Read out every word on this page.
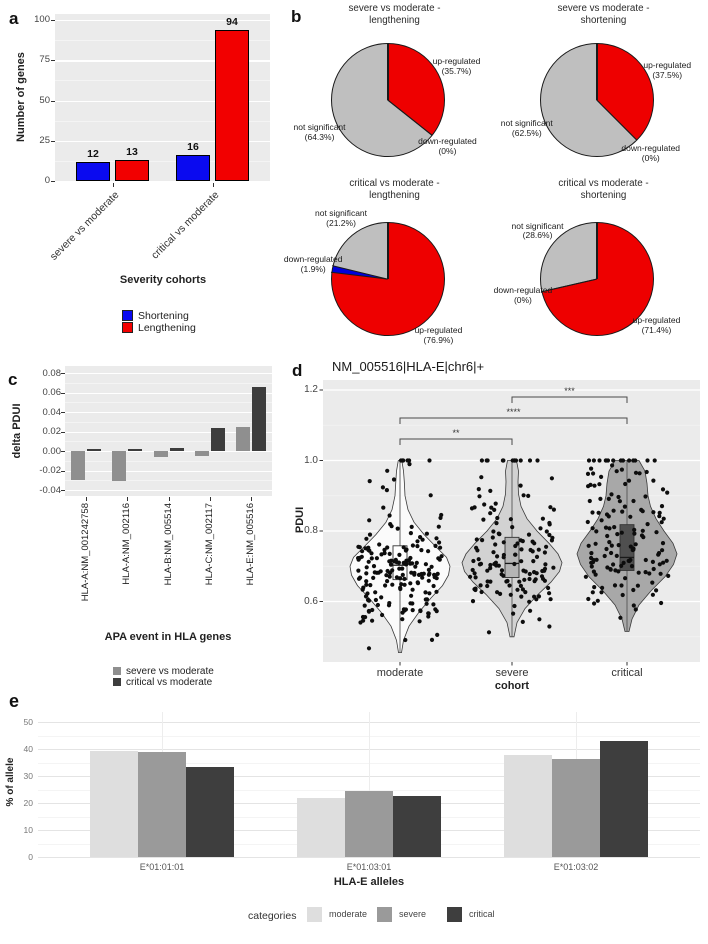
a
Number of genes
Severity cohorts
12	13	16
94
0
25
50
75
100
severe vs moderate	critical vs moderate
Shortening
Lengthening
b	severe vs moderate -
lengthening
up-regulated
(35.7%)
down-regulated
(0%)
not significant
(64.3%)
severe vs moderate -
shortening
up-regulated
(37.5%)
down-regulated
(0%)
not significant
(62.5%)
critical vs moderate -
lengthening
up-regulated
(76.9%)
down-regulated
(1.9%)
not significant
(21.2%)
critical vs moderate -
shortening
up-regulated
(71.4%)
down-regulated
(0%)
not significant
(28.6%)
c
delta PDUI
APA event in HLA genes
-0.04
-0.02
0.00
0.02
0.04
0.06
0.08
HLA-A:NM_001242758	HLA-A:NM_002116	HLA-B:NM_005514	HLA-C:NM_002117	HLA-E:NM_005516
severe vs moderate
critical vs moderate
d NM_005516|HLA-E|chr6|+
**
****
***
PDUI
cohort
0.6
0.8
1.0
1.2
moderate	severe	critical
e
% of allele
HLA-E alleles
categories
0
10
20
30
40
50
E*01:01:01	E*01:03:01	E*01:03:02
moderate	severe	critical
